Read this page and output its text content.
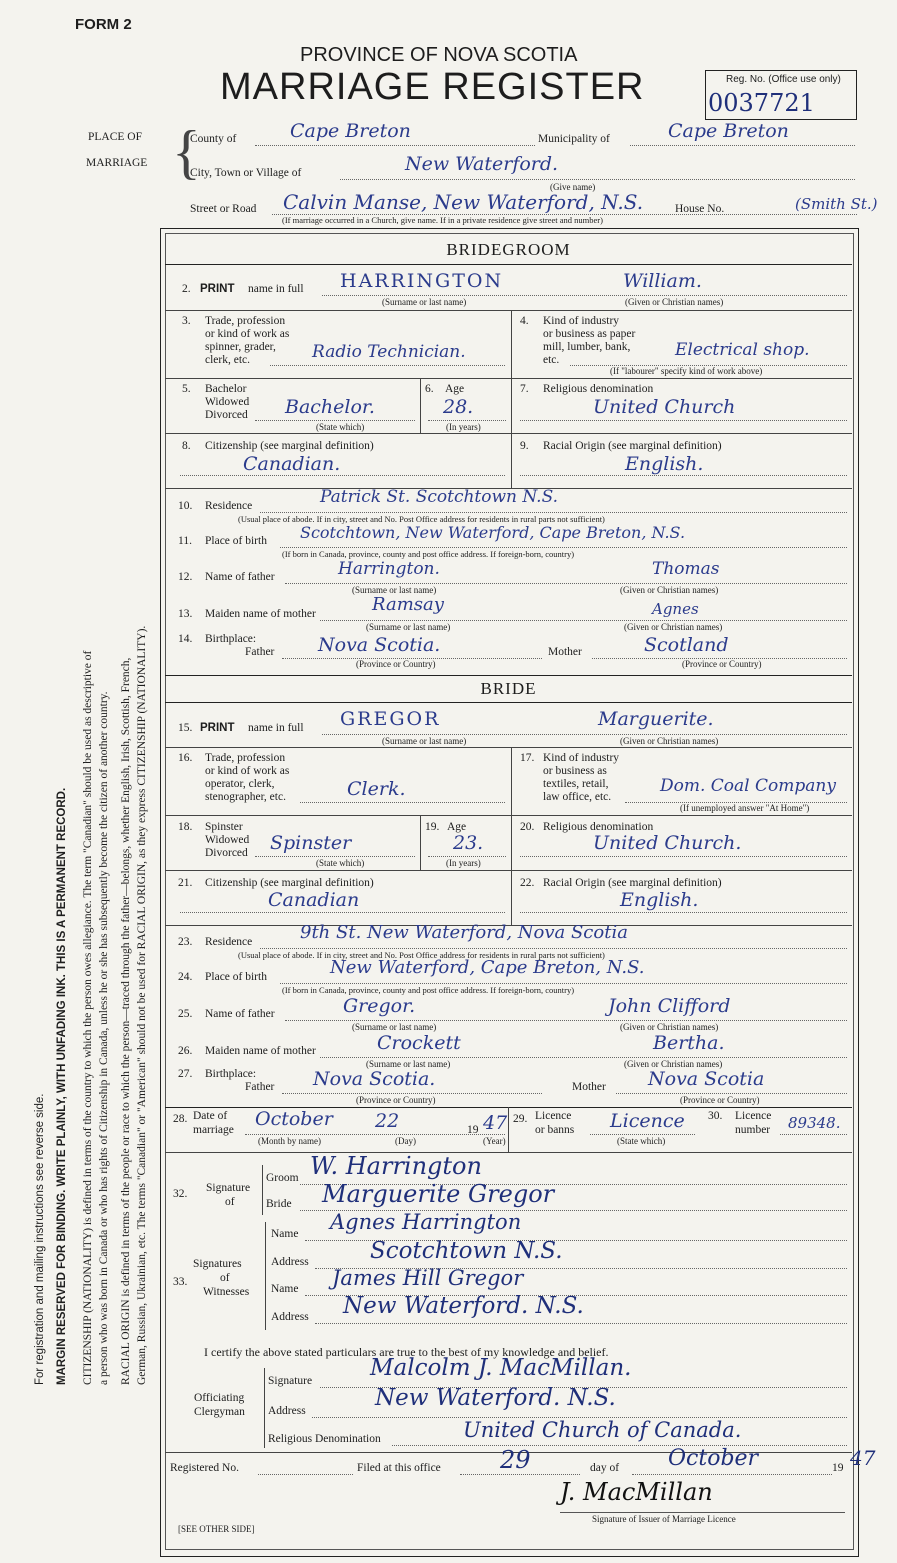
For registration and mailing instructions see reverse side. MARGIN RESERVED FOR BINDING. WRITE PLAINLY, WITH UNFADING INK. THIS IS A PERMANENT RECORD. CITIZENSHIP (NATIONALITY) is defined in terms of the country to which the person owes allegiance. The term "Canadian" should be used as descriptive of a person who was born in Canada or who has rights of Citizenship in Canada, unless he or she has subsequently become the citizen of another country. RACIAL ORIGIN is defined in terms of the people or race to which the person—traced through the father—belongs, whether English, Irish, Scottish, French, German, Russian, Ukrainian, etc. The terms "Canadian" or "American" should not be used for RACIAL ORIGIN, as they express CITIZENSHIP (NATIONALITY).
FORM 2
PROVINCE OF NOVA SCOTIA
MARRIAGE REGISTER	Reg. No. (Office use only)
0037721
PLACE OF
MARRIAGE {
County of	Cape Breton	Municipality of	Cape Breton
City, Town or Village of	New Waterford.
(Give name)
Street or Road Calvin Manse, New Waterford, N.S.	House No.	(Smith St.)
(If marriage occurred in a Church, give name. If in a private residence give street and number)
BRIDEGROOM
2. PRINT name in full HARRINGTON	William.
(Surname or last name)	(Given or Christian names)
3. Trade, profession
or kind of work as
spinner, grader,
clerk, etc.	Radio Technician.
4. Kind of industry
or business as paper
mill, lumber, bank,
etc.	Electrical shop.
(If "labourer" specify kind of work above)
5. Bachelor
Widowed
Divorced Bachelor.
(State which)
6. Age
28.
(In years)
7. Religious denomination
United Church
8. Citizenship (see marginal definition)
Canadian.
9. Racial Origin (see marginal definition)
English.
10. Residence	Patrick St. Scotchtown N.S.
(Usual place of abode. If in city, street and No. Post Office address for residents in rural parts not sufficient)
11. Place of birth Scotchtown, New Waterford, Cape Breton, N.S.
(If born in Canada, province, county and post office address. If foreign-born, country)
12. Name of father	Harrington.	Thomas
(Surname or last name)	(Given or Christian names)
13. Maiden name of mother	Ramsay	Agnes
(Surname or last name)	(Given or Christian names)
14. Birthplace:
Father Nova Scotia.	Mother	Scotland
(Province or Country)	(Province or Country)
BRIDE
15. PRINT name in full GREGOR	Marguerite.
(Surname or last name)	(Given or Christian names)
16. Trade, profession
or kind of work as
operator, clerk,
stenographer, etc.	Clerk.
17. Kind of industry
or business as
textiles, retail,
law office, etc.
Dom. Coal Company
(If unemployed answer "At Home")
18. Spinster
Widowed
Divorced Spinster
(State which)
19. Age
23.
(In years)
20. Religious denomination
United Church.
21. Citizenship (see marginal definition)
Canadian
22. Racial Origin (see marginal definition)
English.
23. Residence	9th St. New Waterford, Nova Scotia
(Usual place of abode. If in city, street and No. Post Office address for residents in rural parts not sufficient)
24. Place of birth	New Waterford, Cape Breton, N.S.
(If born in Canada, province, county and post office address. If foreign-born, country)
25. Name of father	Gregor.	John Clifford
(Surname or last name)	(Given or Christian names)
26. Maiden name of mother	Crockett	Bertha.
(Surname or last name)	(Given or Christian names)
27. Birthplace:
Father Nova Scotia.	Mother Nova Scotia
(Province or Country)	(Province or Country)
28. Date of
marriage October 22	19 47
(Month by name)	(Day)	(Year)
29. Licence
or banns Licence
(State which)
30. Licence
number 89348.
32. Signature
of
Groom W. Harrington
Bride Marguerite Gregor
33.
Signatures
of
Witnesses
Name Agnes Harrington
Address	Scotchtown N.S.
Name James Hill Gregor
Address New Waterford. N.S.
I certify the above stated particulars are true to the best of my knowledge and belief.
Officiating
Clergyman
Signature	Malcolm J. MacMillan.
Address	New Waterford. N.S.
Religious Denomination	United Church of Canada.
Registered No.	Filed at this office 29	day of October	19 47
J. MacMillan
Signature of Issuer of Marriage Licence
[SEE OTHER SIDE]
